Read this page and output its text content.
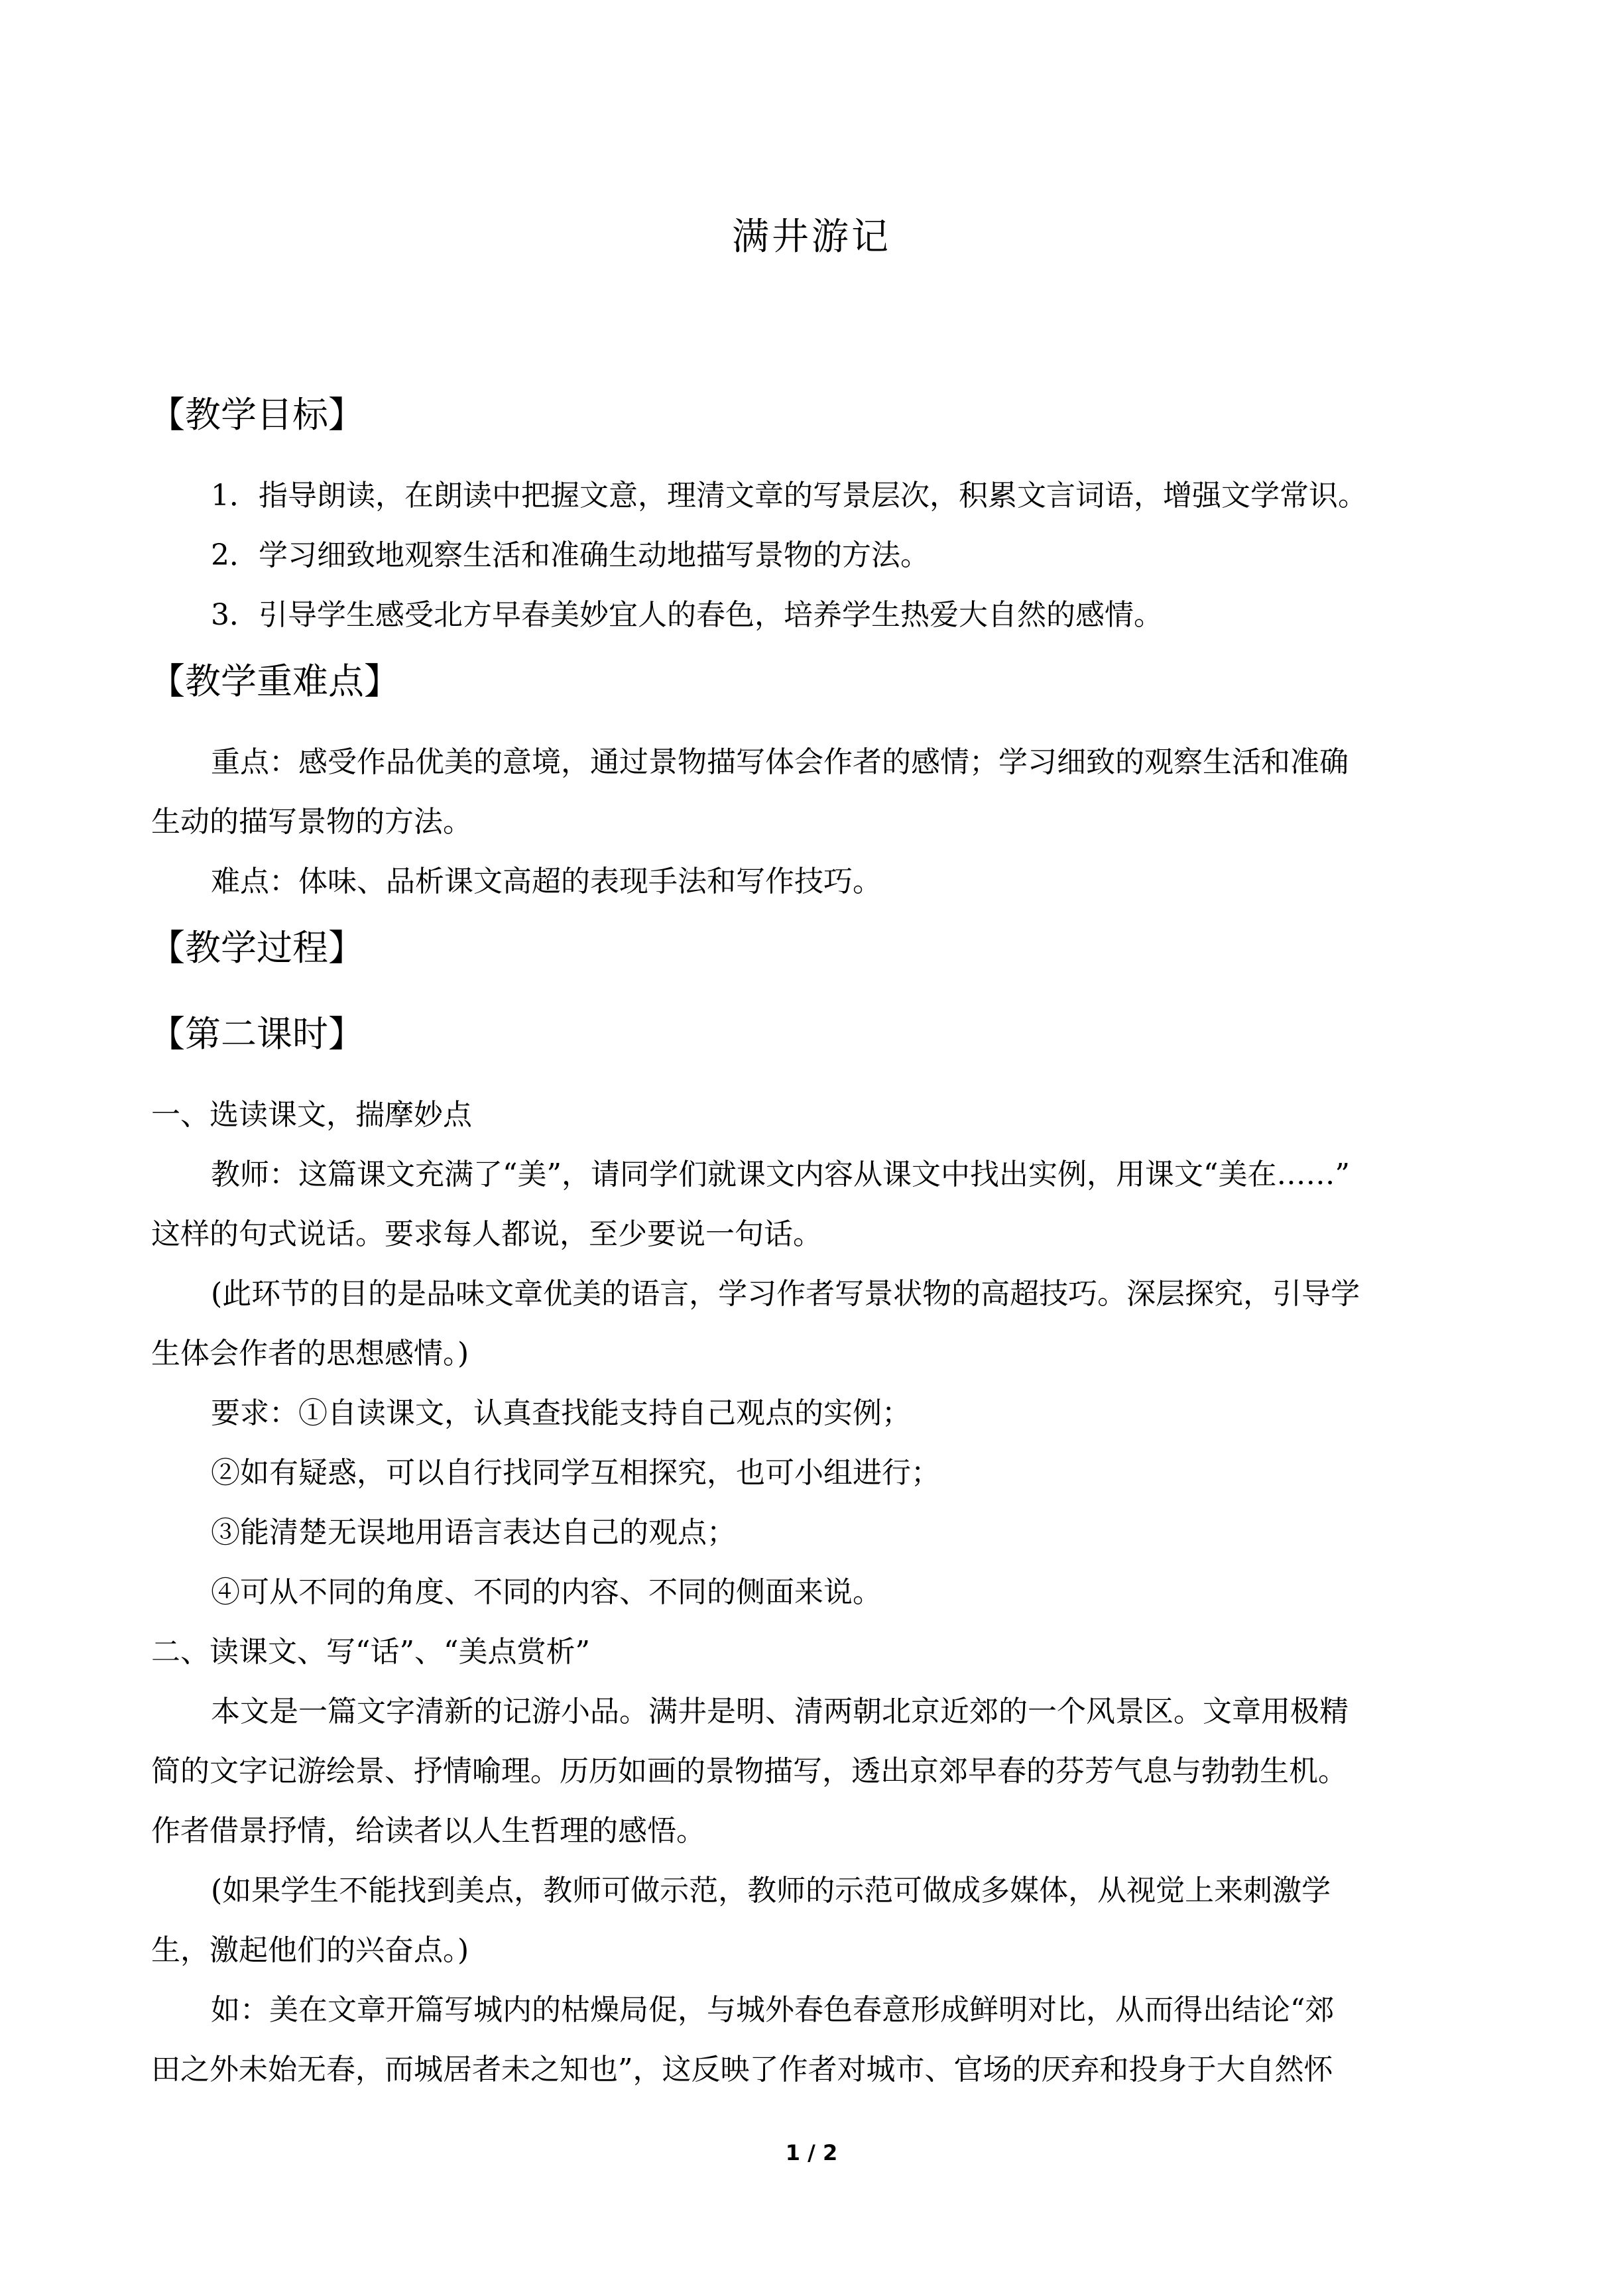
满井游记
【教学目标】
1．指导朗读，在朗读中把握文意，理清文章的写景层次，积累文言词语，增强文学常识。
2．学习细致地观察生活和准确生动地描写景物的方法。
3．引导学生感受北方早春美妙宜人的春色，培养学生热爱大自然的感情。
【教学重难点】
重点：感受作品优美的意境，通过景物描写体会作者的感情；学习细致的观察生活和准确
生动的描写景物的方法。
难点：体味、品析课文高超的表现手法和写作技巧。
【教学过程】
【第二课时】
一、选读课文，揣摩妙点
教师：这篇课文充满了“美”，请同学们就课文内容从课文中找出实例，用课文“美在……”
这样的句式说话。要求每人都说，至少要说一句话。
(此环节的目的是品味文章优美的语言，学习作者写景状物的高超技巧。深层探究，引导学
生体会作者的思想感情。)
要求：①自读课文，认真查找能支持自己观点的实例；
②如有疑惑，可以自行找同学互相探究，也可小组进行；
③能清楚无误地用语言表达自己的观点；
④可从不同的角度、不同的内容、不同的侧面来说。
二、读课文、写“话”、“美点赏析”
本文是一篇文字清新的记游小品。满井是明、清两朝北京近郊的一个风景区。文章用极精
简的文字记游绘景、抒情喻理。历历如画的景物描写，透出京郊早春的芬芳气息与勃勃生机。
作者借景抒情，给读者以人生哲理的感悟。
(如果学生不能找到美点，教师可做示范，教师的示范可做成多媒体，从视觉上来刺激学
生，激起他们的兴奋点。)
如：美在文章开篇写城内的枯燥局促，与城外春色春意形成鲜明对比，从而得出结论“郊
田之外未始无春，而城居者未之知也”，这反映了作者对城市、官场的厌弃和投身于大自然怀
1 / 2
